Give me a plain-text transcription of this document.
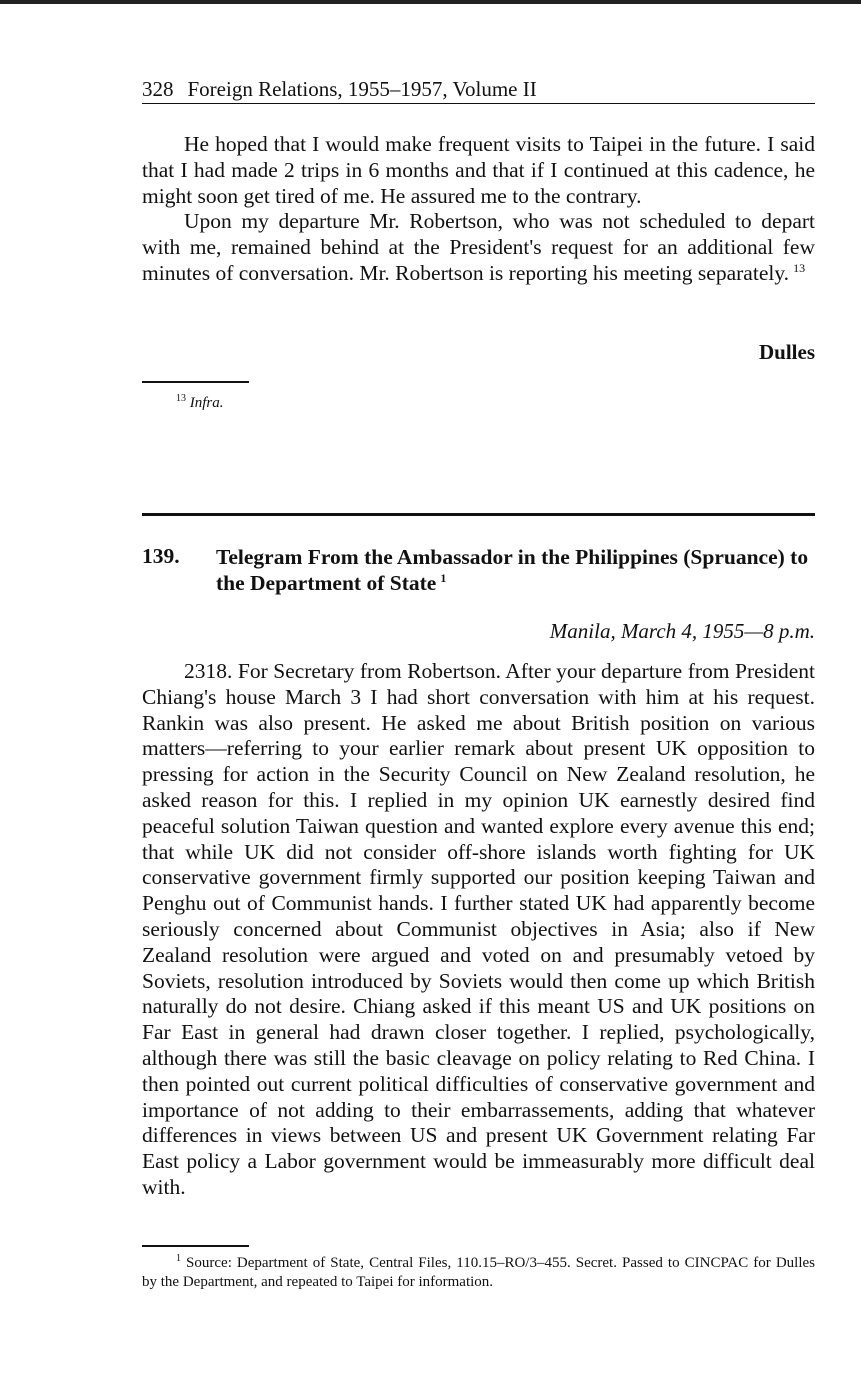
328 Foreign Relations, 1955–1957, Volume II

He hoped that I would make frequent visits to Taipei in the future. I said that I had made 2 trips in 6 months and that if I continued at this cadence, he might soon get tired of me. He assured me to the contrary.

Upon my departure Mr. Robertson, who was not scheduled to depart with me, remained behind at the President's request for an additional few minutes of conversation. Mr. Robertson is reporting his meeting separately. $^{13}$

Dulles
$^{13}$ Infra.
139. Telegram From the Ambassador in the Philippines (Spruance) to the Department of State $^1$
Manila, March 4, 1955—8 p.m.

2318. For Secretary from Robertson. After your departure from President Chiang's house March 3 I had short conversation with him at his request. Rankin was also present. He asked me about British position on various matters—referring to your earlier remark about present UK opposition to pressing for action in the Security Council on New Zealand resolution, he asked reason for this. I replied in my opinion UK earnestly desired find peaceful solution Taiwan question and wanted explore every avenue this end; that while UK did not consider off-shore islands worth fighting for UK conservative government firmly supported our position keeping Taiwan and Penghu out of Communist hands. I further stated UK had apparently become seriously concerned about Communist objectives in Asia; also if New Zealand resolution were argued and voted on and presumably vetoed by Soviets, resolution introduced by Soviets would then come up which British naturally do not desire. Chiang asked if this meant US and UK positions on Far East in general had drawn closer together. I replied, psychologically, although there was still the basic cleavage on policy relating to Red China. I then pointed out current political difficulties of conservative government and importance of not adding to their embarrassements, adding that whatever differences in views between US and present UK Government relating Far East policy a Labor government would be immeasurably more difficult deal with.

$^1$ Source: Department of State, Central Files, 110.15–RO/3–455. Secret. Passed to CINCPAC for Dulles by the Department, and repeated to Taipei for information.
